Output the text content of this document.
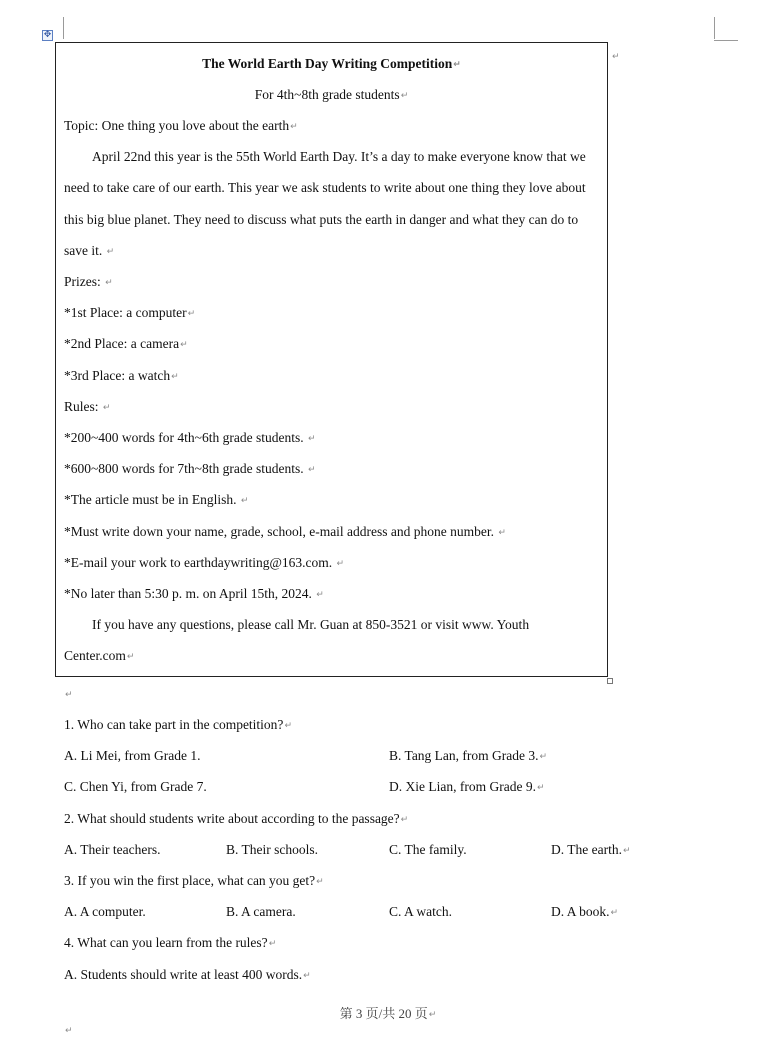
✥
↵
The World Earth Day Writing Competition↵
For 4th~8th grade students↵
Topic: One thing you love about the earth↵
April 22nd this year is the 55th World Earth Day. It’s a day to make everyone know that we
need to take care of our earth. This year we ask students to write about one thing they love about
this big blue planet. They need to discuss what puts the earth in danger and what they can do to
save it. ↵
Prizes: ↵
*1st Place: a computer↵
*2nd Place: a camera↵
*3rd Place: a watch↵
Rules: ↵
*200~400 words for 4th~6th grade students. ↵
*600~800 words for 7th~8th grade students. ↵
*The article must be in English. ↵
*Must write down your name, grade, school, e-mail address and phone number. ↵
*E-mail your work to earthdaywriting@163.com. ↵
*No later than 5:30 p. m. on April 15th, 2024. ↵
If you have any questions, please call Mr. Guan at 850-3521 or visit www. Youth
Center.com↵
↵
1. Who can take part in the competition?↵
A. Li Mei, from Grade 1.	B. Tang Lan, from Grade 3.↵
C. Chen Yi, from Grade 7.	D. Xie Lian, from Grade 9.↵
2. What should students write about according to the passage?↵
A. Their teachers.	B. Their schools.	C. The family.	D. The earth.↵
3. If you win the first place, what can you get?↵
A. A computer.	B. A camera.	C. A watch.	D. A book.↵
4. What can you learn from the rules?↵
A. Students should write at least 400 words.↵
第 3 页/共 20 页↵
↵
